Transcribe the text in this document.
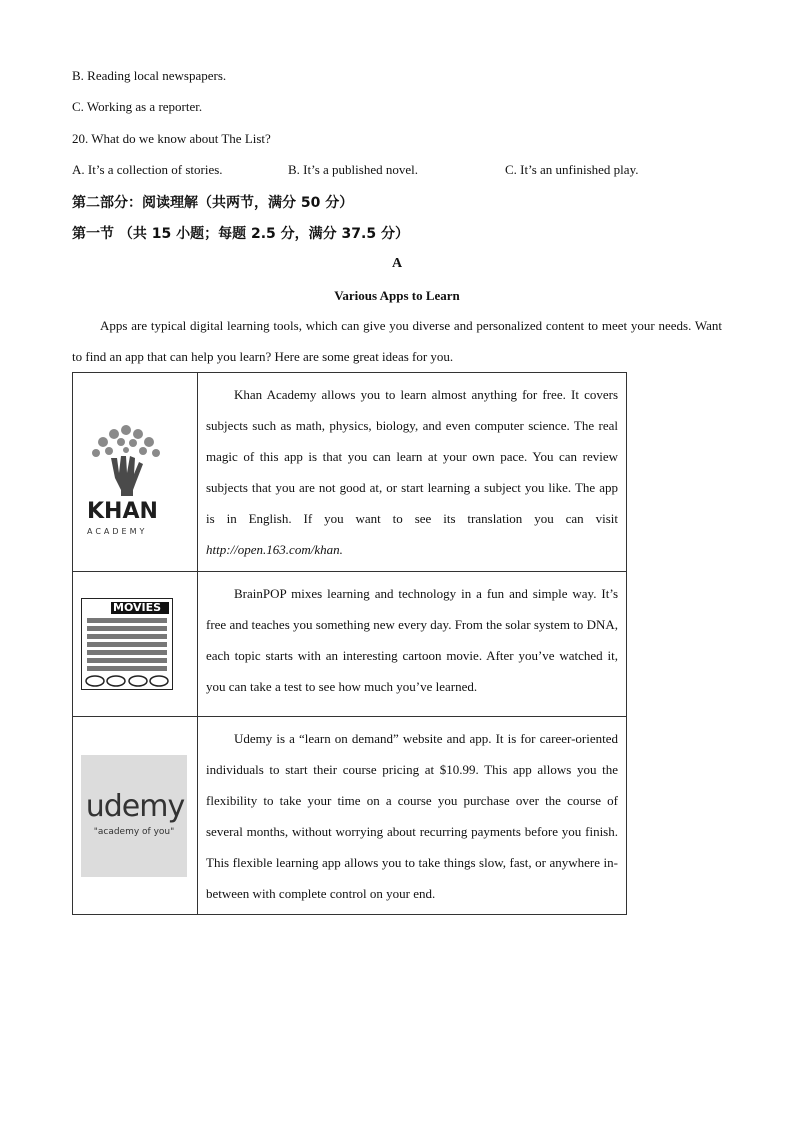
B. Reading local newspapers.
C. Working as a reporter.
20. What do we know about The List?
A. It’s a collection of stories.	B. It’s a published novel.	C. It’s an unfinished play.
第二部分：阅读理解（共两节，满分 50 分）
第一节 （共 15 小题；每题 2.5 分，满分 37.5 分）
A
Various Apps to Learn
Apps are typical digital learning tools, which can give you diverse and personalized content to meet your needs. Want to find an app that can help you learn? Here are some great ideas for you.
KHAN
ACADEMY	Khan Academy allows you to learn almost anything for free. It covers subjects such as math, physics, biology, and even computer science. The real magic of this app is that you can learn at your own pace. You can review subjects that you are not good at, or start learning a subject you like. The app is in English. If you want to see its translation you can visit http://open.163.com/khan.

MOVIES	BrainPOP mixes learning and technology in a fun and simple way. It’s free and teaches you something new every day. From the solar system to DNA, each topic starts with an interesting cartoon movie. After you’ve watched it, you can take a test to see how much you’ve learned.

udemy
"academy of you"	Udemy is a “learn on demand” website and app. It is for career-oriented individuals to start their course pricing at $10.99. This app allows you the flexibility to take your time on a course you purchase over the course of several months, without worrying about recurring payments before you finish. This flexible learning app allows you to take things slow, fast, or anywhere in-between with complete control on your end.
